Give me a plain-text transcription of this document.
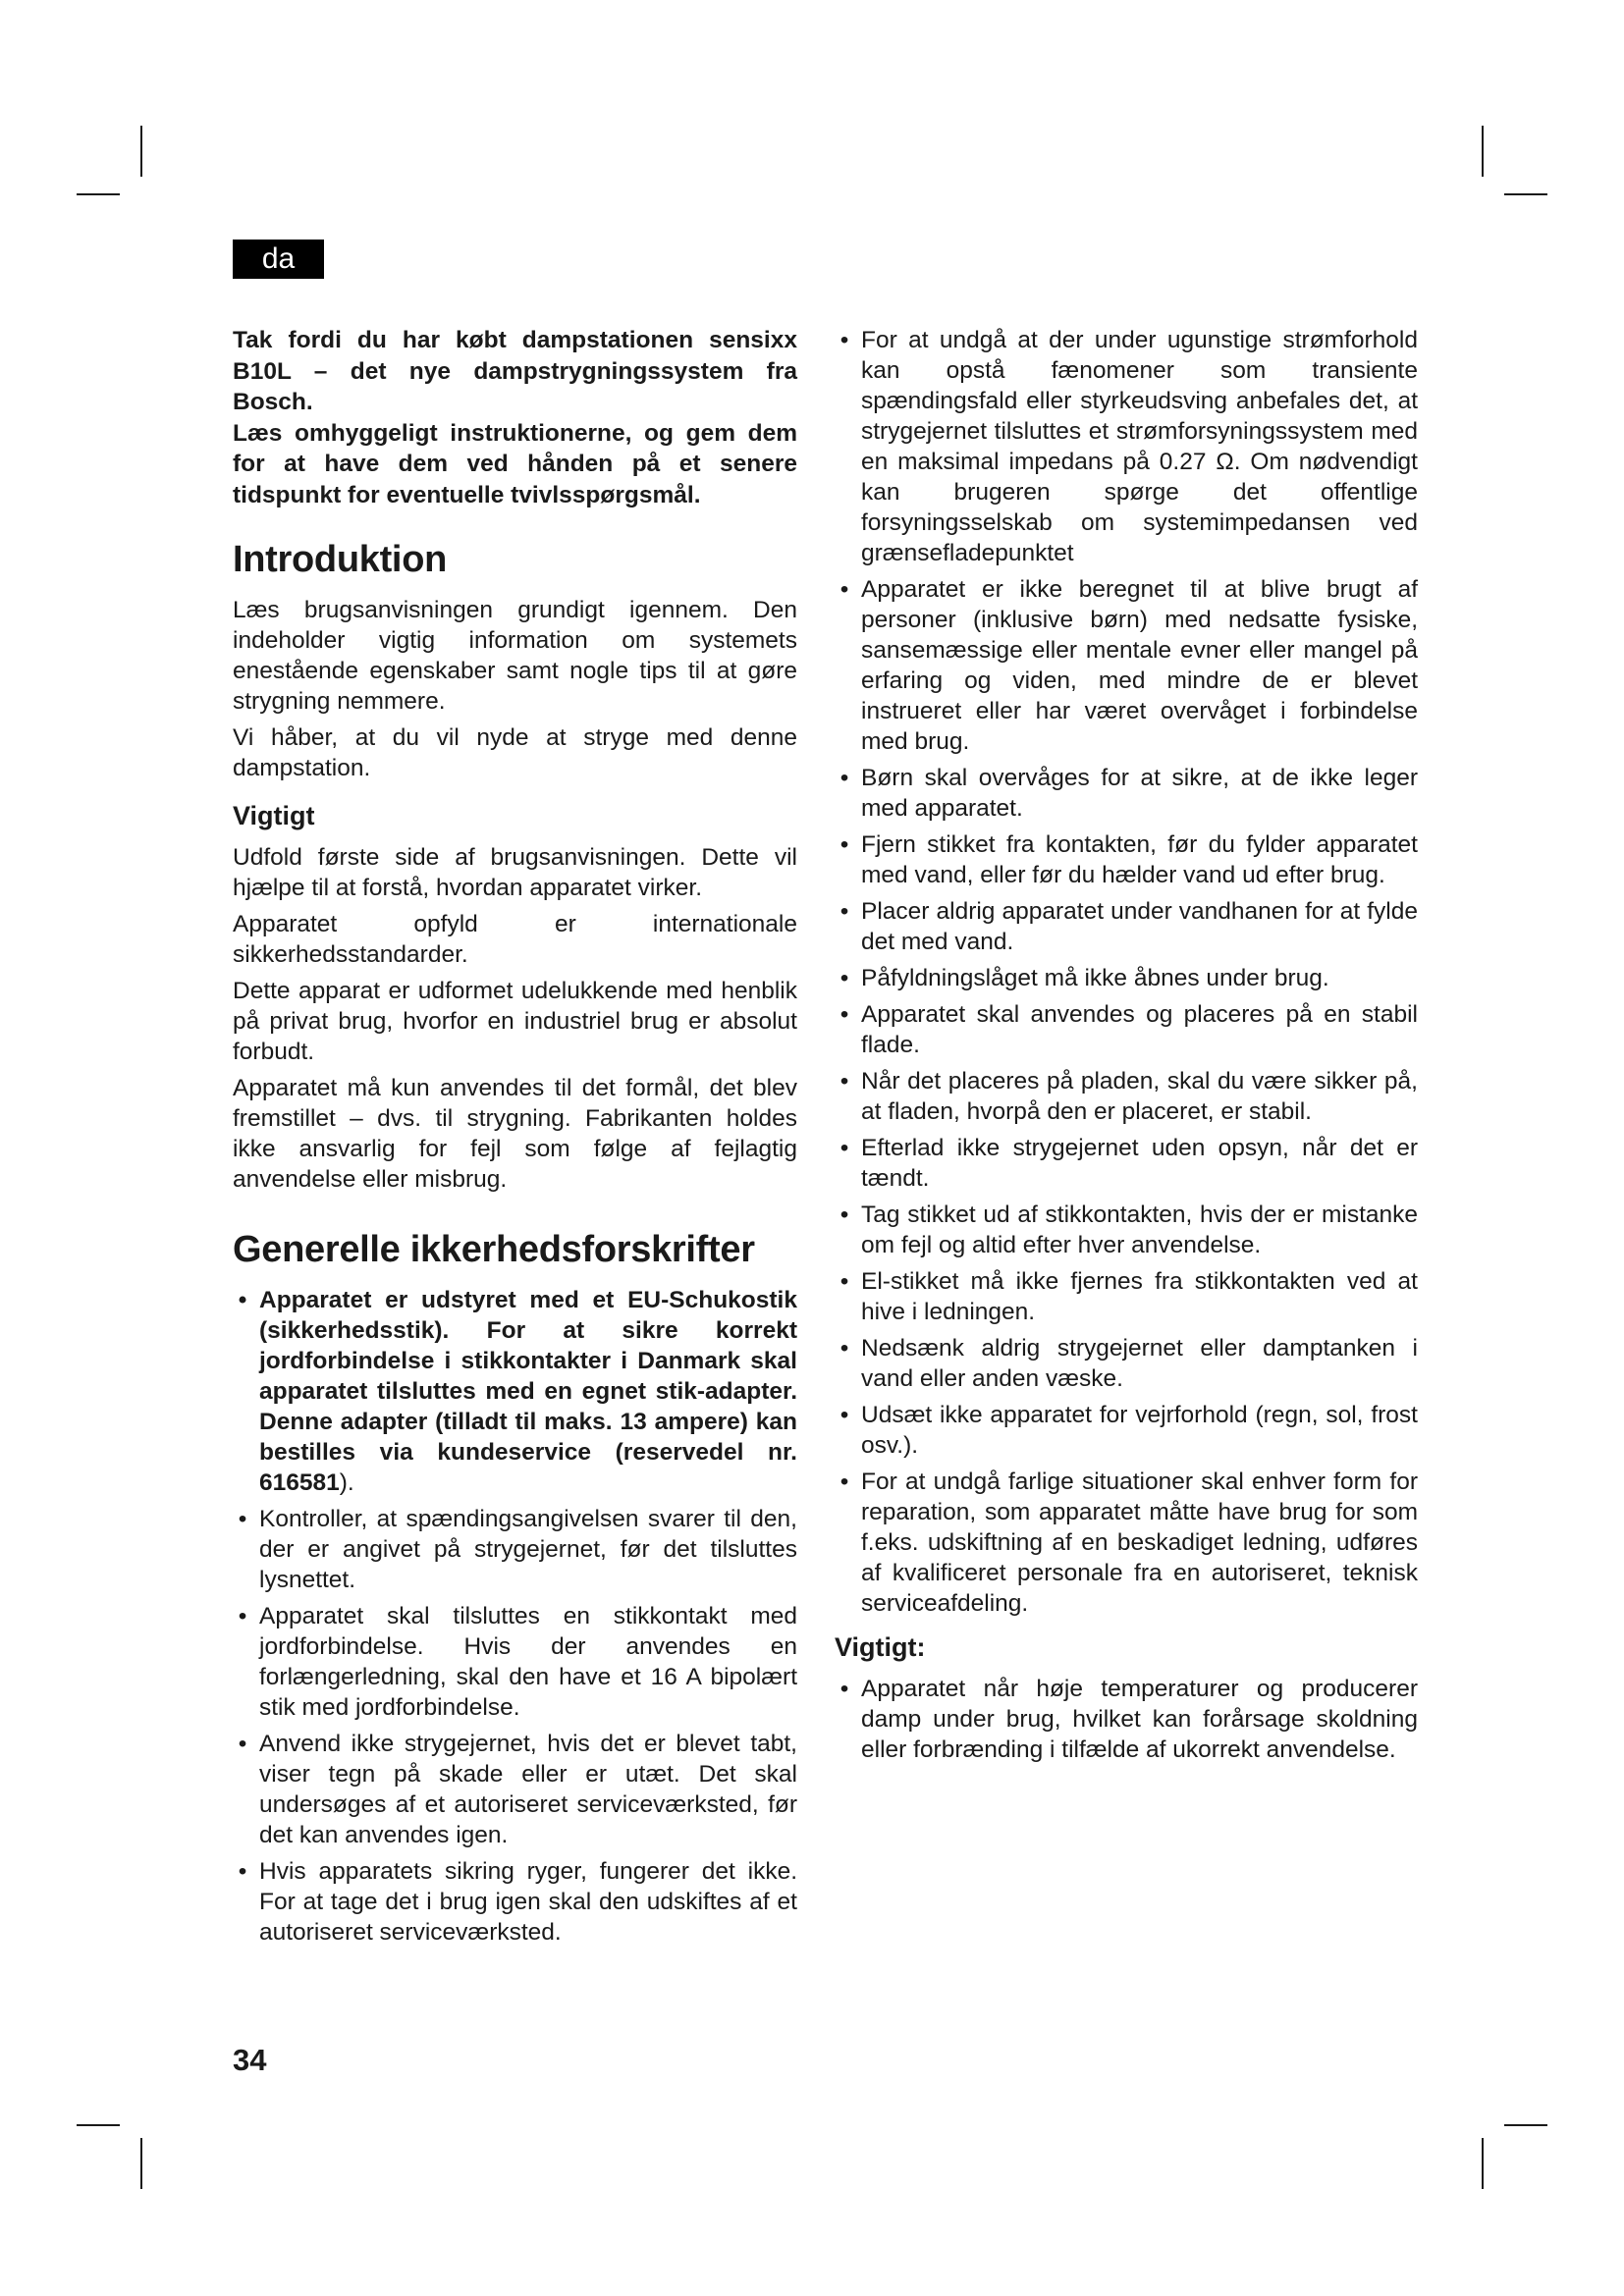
da

Tak fordi du har købt dampstationen sensixx B10L – det nye dampstrygningssystem fra Bosch.

Læs omhyggeligt instruktionerne, og gem dem for at have dem ved hånden på et senere tidspunkt for eventuelle tvivlsspørgsmål.

Introduktion

Læs brugsanvisningen grundigt igennem. Den indeholder vigtig information om systemets enestående egenskaber samt nogle tips til at gøre strygning nemmere.

Vi håber, at du vil nyde at stryge med denne dampstation.

Vigtigt

Udfold første side af brugsanvisningen. Dette vil hjælpe til at forstå, hvordan apparatet virker.

Apparatet opfyld er internationale sikkerhedsstandarder.

Dette apparat er udformet udelukkende med henblik på privat brug, hvorfor en industriel brug er absolut forbudt.

Apparatet må kun anvendes til det formål, det blev fremstillet – dvs. til strygning. Fabrikanten holdes ikke ansvarlig for fejl som følge af fejlagtig anvendelse eller misbrug.

Generelle ikkerhedsforskrifter
• Apparatet er udstyret med et EU-Schukostik (sikkerhedsstik). For at sikre korrekt jordforbindelse i stikkontakter i Danmark skal apparatet tilsluttes med en egnet stik-adapter. Denne adapter (tilladt til maks. 13 ampere) kan bestilles via kundeservice (reservedel nr. 616581).
• Kontroller, at spændingsangivelsen svarer til den, der er angivet på strygejernet, før det tilsluttes lysnettet.
• Apparatet skal tilsluttes en stikkontakt med jordforbindelse. Hvis der anvendes en forlængerledning, skal den have et 16 A bipolært stik med jordforbindelse.
• Anvend ikke strygejernet, hvis det er blevet tabt, viser tegn på skade eller er utæt. Det skal undersøges af et autoriseret serviceværksted, før det kan anvendes igen.
• Hvis apparatets sikring ryger, fungerer det ikke. For at tage det i brug igen skal den udskiftes af et autoriseret serviceværksted.
• For at undgå at der under ugunstige strømforhold kan opstå fænomener som transiente spændingsfald eller styrkeudsving anbefales det, at strygejernet tilsluttes et strømforsyningssystem med en maksimal impedans på 0.27 Ω. Om nødvendigt kan brugeren spørge det offentlige forsyningsselskab om systemimpedansen ved grænsefladepunktet
• Apparatet er ikke beregnet til at blive brugt af personer (inklusive børn) med nedsatte fysiske, sansemæssige eller mentale evner eller mangel på erfaring og viden, med mindre de er blevet instrueret eller har været overvåget i forbindelse med brug.
• Børn skal overvåges for at sikre, at de ikke leger med apparatet.
• Fjern stikket fra kontakten, før du fylder apparatet med vand, eller før du hælder vand ud efter brug.
• Placer aldrig apparatet under vandhanen for at fylde det med vand.
• Påfyldningslåget må ikke åbnes under brug.
• Apparatet skal anvendes og placeres på en stabil flade.
• Når det placeres på pladen, skal du være sikker på, at fladen, hvorpå den er placeret, er stabil.
• Efterlad ikke strygejernet uden opsyn, når det er tændt.
• Tag stikket ud af stikkontakten, hvis der er mistanke om fejl og altid efter hver anvendelse.
• El-stikket må ikke fjernes fra stikkontakten ved at hive i ledningen.
• Nedsænk aldrig strygejernet eller damptanken i vand eller anden væske.
• Udsæt ikke apparatet for vejrforhold (regn, sol, frost osv.).
• For at undgå farlige situationer skal enhver form for reparation, som apparatet måtte have brug for som f.eks. udskiftning af en beskadiget ledning, udføres af kvalificeret personale fra en autoriseret, teknisk serviceafdeling.
Vigtigt:
• Apparatet når høje temperaturer og producerer damp under brug, hvilket kan forårsage skoldning eller forbrænding i tilfælde af ukorrekt anvendelse.
34
